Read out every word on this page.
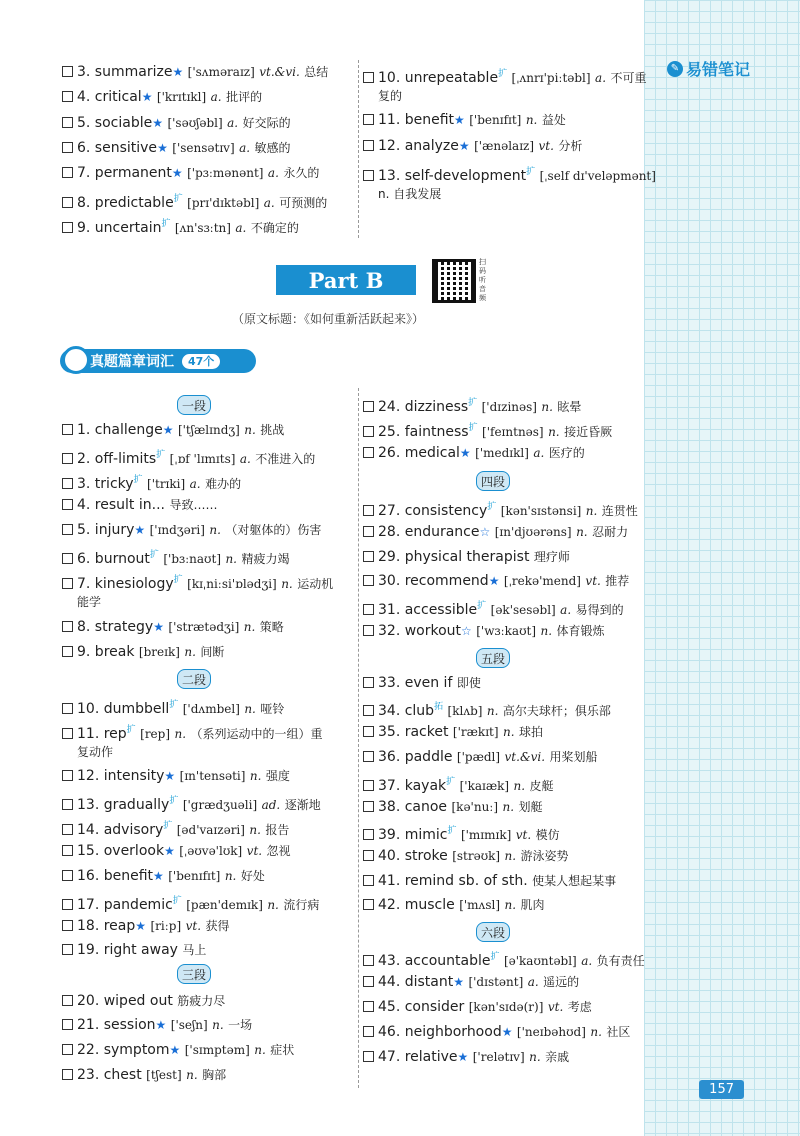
✎ 易错笔记
157
Part B
扫码听音频
（原文标题：《如何重新活跃起来》）
真题篇章词汇	47个
3. summarize★ ['sʌməraɪz] vt.&vi. 总结
4. critical★ ['krɪtɪkl] a. 批评的
5. sociable★ ['səʊʃəbl] a. 好交际的
6. sensitive★ ['sensətɪv] a. 敏感的
7. permanent★ ['pɜːmənənt] a. 永久的
8. predictable$^扩$ [prɪ'dɪktəbl] a. 可预测的
9. uncertain$^扩$ [ʌn'sɜːtn] a. 不确定的
10. unrepeatable$^扩$ [ˌʌnrɪ'piːtəbl] a. 不可重
复的
11. benefit★ ['benɪfɪt] n. 益处
12. analyze★ ['ænəlaɪz] vt. 分析
13. self-development$^扩$ [ˌself dɪ'veləpmənt]
n. 自我发展
1. challenge★ ['tʃælɪndʒ] n. 挑战
2. off-limits$^扩$ [ˌɒf 'lɪmɪts] a. 不准进入的
3. tricky$^扩$ ['trɪki] a. 难办的
4. result in... 导致……
5. injury★ ['ɪndʒəri] n. （对躯体的）伤害
6. burnout$^扩$ ['bɜːnaʊt] n. 精疲力竭
7. kinesiology$^扩$ [kɪˌniːsi'ɒlədʒi] n. 运动机
能学
8. strategy★ ['strætədʒi] n. 策略
9. break [breɪk] n. 间断
10. dumbbell$^扩$ ['dʌmbel] n. 哑铃
11. rep$^扩$ [rep] n. （系列运动中的一组）重
复动作
12. intensity★ [ɪn'tensəti] n. 强度
13. gradually$^扩$ ['grædʒuəli] ad. 逐渐地
14. advisory$^扩$ [əd'vaɪzəri] n. 报告
15. overlook★ [ˌəʊvə'lʊk] vt. 忽视
16. benefit★ ['benɪfɪt] n. 好处
17. pandemic$^扩$ [pæn'demɪk] n. 流行病
18. reap★ [riːp] vt. 获得
19. right away 马上
20. wiped out 筋疲力尽
21. session★ ['seʃn] n. 一场
22. symptom★ ['sɪmptəm] n. 症状
23. chest [tʃest] n. 胸部
24. dizziness$^扩$ ['dɪzinəs] n. 眩晕
25. faintness$^扩$ ['feɪntnəs] n. 接近昏厥
26. medical★ ['medɪkl] a. 医疗的
27. consistency$^扩$ [kən'sɪstənsi] n. 连贯性
28. endurance☆ [ɪn'djʊərəns] n. 忍耐力
29. physical therapist 理疗师
30. recommend★ [ˌrekə'mend] vt. 推荐
31. accessible$^扩$ [ək'sesəbl] a. 易得到的
32. workout☆ ['wɜːkaʊt] n. 体育锻炼
33. even if 即使
34. club$^拓$ [klʌb] n. 高尔夫球杆；俱乐部
35. racket ['rækɪt] n. 球拍
36. paddle ['pædl] vt.&vi. 用桨划船
37. kayak$^扩$ ['kaɪæk] n. 皮艇
38. canoe [kə'nuː] n. 划艇
39. mimic$^扩$ ['mɪmɪk] vt. 模仿
40. stroke [strəʊk] n. 游泳姿势
41. remind sb. of sth. 使某人想起某事
42. muscle ['mʌsl] n. 肌肉
43. accountable$^扩$ [ə'kaʊntəbl] a. 负有责任
44. distant★ ['dɪstənt] a. 遥远的
45. consider [kən'sɪdə(r)] vt. 考虑
46. neighborhood★ ['neɪbəhʊd] n. 社区
47. relative★ ['relətɪv] n. 亲戚
一段
二段
三段
四段
五段
六段
